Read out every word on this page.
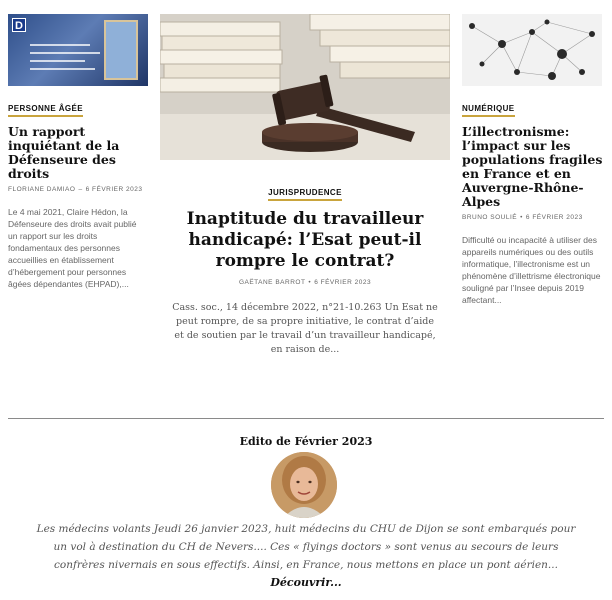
D
PERSONNE ÂGÉE
Un rapport inquiétant de la Défenseure des droits
FLORIANE DAMIAO – 6 FÉVRIER 2023
Le 4 mai 2021, Claire Hédon, la Défenseure des droits avait publié un rapport sur les droits fondamentaux des personnes accueillies en établissement d’hébergement pour personnes âgées dépendantes (EHPAD),...
JURISPRUDENCE
Inaptitude du travailleur handicapé: l’Esat peut-il rompre le contrat?
GAËTANE BARROT • 6 FÉVRIER 2023
Cass. soc., 14 décembre 2022, n°21-10.263 Un Esat ne peut rompre, de sa propre initiative, le contrat d’aide et de soutien par le travail d’un travailleur handicapé, en raison de...
NUMÉRIQUE
L’illectronisme: l’impact sur les populations fragiles en France et en Auvergne-Rhône-Alpes
BRUNO SOULIÉ • 6 FÉVRIER 2023
Difficulté ou incapacité à utiliser des appareils numériques ou des outils informatique, l’illectronisme est un phénomène d’illettrisme électronique souligné par l’Insee depuis 2019 affectant...
Edito de Février 2023
Les médecins volants Jeudi 26 janvier 2023, huit médecins du CHU de Dijon se sont embarqués pour un vol à destination du CH de Nevers.... Ces « flyings doctors » sont venus au secours de leurs confrères nivernais en sous effectifs. Ainsi, en France, nous mettons en place un pont aérien...
Découvrir...
